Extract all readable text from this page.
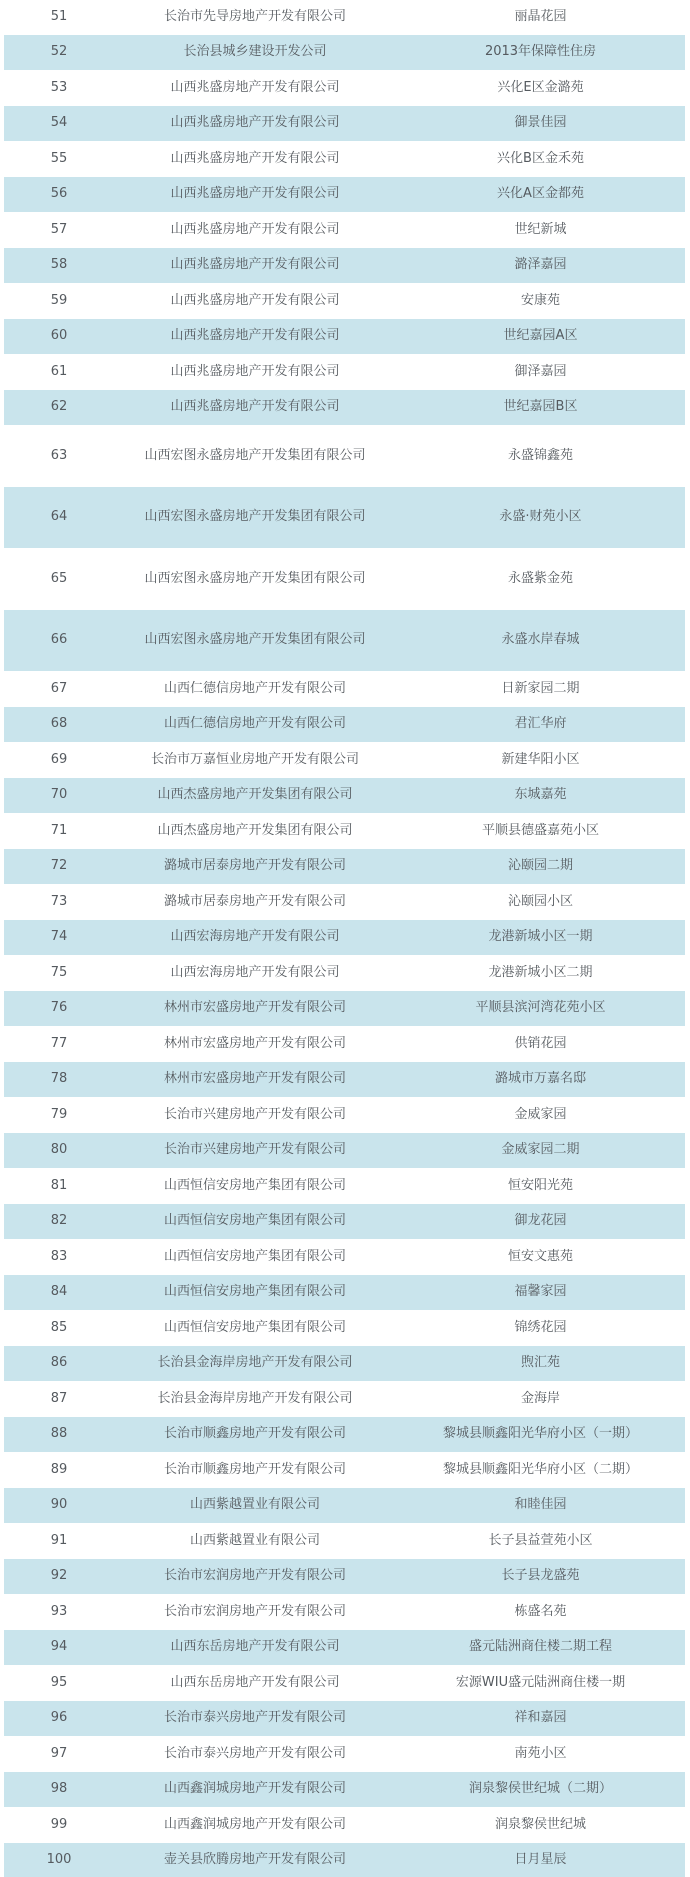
51	长治市先导房地产开发有限公司	丽晶花园
52	长治县城乡建设开发公司	2013年保障性住房
53	山西兆盛房地产开发有限公司	兴化E区金潞苑
54	山西兆盛房地产开发有限公司	御景佳园
55	山西兆盛房地产开发有限公司	兴化B区金禾苑
56	山西兆盛房地产开发有限公司	兴化A区金都苑
57	山西兆盛房地产开发有限公司	世纪新城
58	山西兆盛房地产开发有限公司	潞泽嘉园
59	山西兆盛房地产开发有限公司	安康苑
60	山西兆盛房地产开发有限公司	世纪嘉园A区
61	山西兆盛房地产开发有限公司	御泽嘉园
62	山西兆盛房地产开发有限公司	世纪嘉园B区
63	山西宏图永盛房地产开发集团有限公司	永盛锦鑫苑
64	山西宏图永盛房地产开发集团有限公司	永盛·财苑小区
65	山西宏图永盛房地产开发集团有限公司	永盛紫金苑
66	山西宏图永盛房地产开发集团有限公司	永盛水岸春城
67	山西仁德信房地产开发有限公司	日新家园二期
68	山西仁德信房地产开发有限公司	君汇华府
69	长治市万嘉恒业房地产开发有限公司	新建华阳小区
70	山西杰盛房地产开发集团有限公司	东城嘉苑
71	山西杰盛房地产开发集团有限公司	平顺县德盛嘉苑小区
72	潞城市居泰房地产开发有限公司	沁颐园二期
73	潞城市居泰房地产开发有限公司	沁颐园小区
74	山西宏海房地产开发有限公司	龙港新城小区一期
75	山西宏海房地产开发有限公司	龙港新城小区二期
76	林州市宏盛房地产开发有限公司	平顺县滨河湾花苑小区
77	林州市宏盛房地产开发有限公司	供销花园
78	林州市宏盛房地产开发有限公司	潞城市万嘉名邸
79	长治市兴建房地产开发有限公司	金威家园
80	长治市兴建房地产开发有限公司	金威家园二期
81	山西恒信安房地产集团有限公司	恒安阳光苑
82	山西恒信安房地产集团有限公司	御龙花园
83	山西恒信安房地产集团有限公司	恒安文惠苑
84	山西恒信安房地产集团有限公司	福馨家园
85	山西恒信安房地产集团有限公司	锦绣花园
86	长治县金海岸房地产开发有限公司	煦汇苑
87	长治县金海岸房地产开发有限公司	金海岸
88	长治市顺鑫房地产开发有限公司	黎城县顺鑫阳光华府小区（一期）
89	长治市顺鑫房地产开发有限公司	黎城县顺鑫阳光华府小区（二期）
90	山西紫越置业有限公司	和睦佳园
91	山西紫越置业有限公司	长子县益萱苑小区
92	长治市宏润房地产开发有限公司	长子县龙盛苑
93	长治市宏润房地产开发有限公司	栋盛名苑
94	山西东岳房地产开发有限公司	盛元陆洲商住楼二期工程
95	山西东岳房地产开发有限公司	宏源WIU盛元陆洲商住楼一期
96	长治市泰兴房地产开发有限公司	祥和嘉园
97	长治市泰兴房地产开发有限公司	南苑小区
98	山西鑫润城房地产开发有限公司	润泉黎侯世纪城（二期）
99	山西鑫润城房地产开发有限公司	润泉黎侯世纪城
100	壶关县欣腾房地产开发有限公司	日月星辰
